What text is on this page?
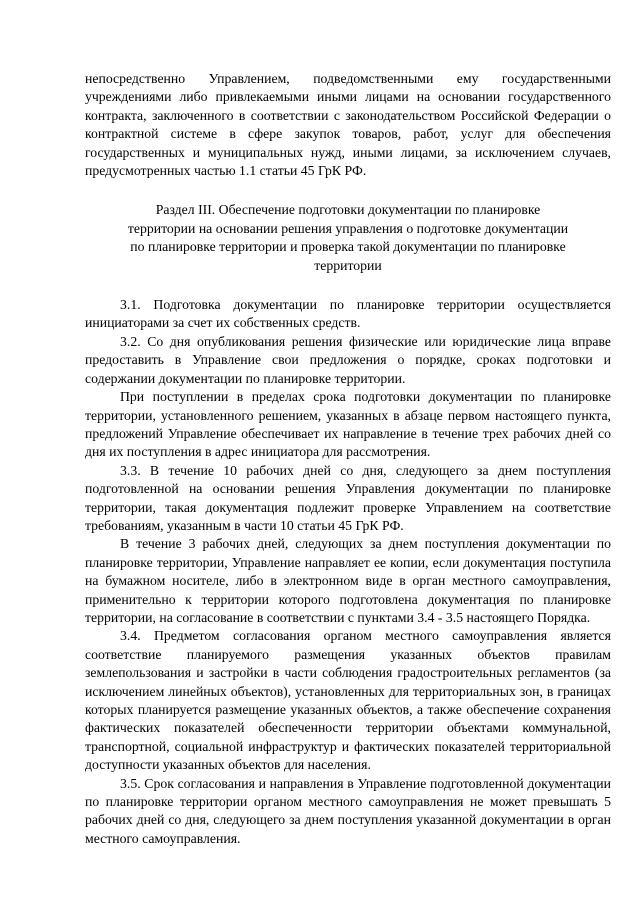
непосредственно Управлением, подведомственными ему государственными учреждениями либо привлекаемыми иными лицами на основании государственного контракта, заключенного в соответствии с законодательством Российской Федерации о контрактной системе в сфере закупок товаров, работ, услуг для обеспечения государственных и муниципальных нужд, иными лицами, за исключением случаев, предусмотренных частью 1.1 статьи 45 ГрК РФ.

Раздел III. Обеспечение подготовки документации по планировке
территории на основании решения управления о подготовке документации
по планировке территории и проверка такой документации по планировке
территории

3.1. Подготовка документации по планировке территории осуществляется инициаторами за счет их собственных средств.

3.2. Со дня опубликования решения физические или юридические лица вправе предоставить в Управление свои предложения о порядке, сроках подготовки и содержании документации по планировке территории.

При поступлении в пределах срока подготовки документации по планировке территории, установленного решением, указанных в абзаце первом настоящего пункта, предложений Управление обеспечивает их направление в течение трех рабочих дней со дня их поступления в адрес инициатора для рассмотрения.

3.3. В течение 10 рабочих дней со дня, следующего за днем поступления подготовленной на основании решения Управления документации по планировке территории, такая документация подлежит проверке Управлением на соответствие требованиям, указанным в части 10 статьи 45 ГрК РФ.

В течение 3 рабочих дней, следующих за днем поступления документации по планировке территории, Управление направляет ее копии, если документация поступила на бумажном носителе, либо в электронном виде в орган местного самоуправления, применительно к территории которого подготовлена документация по планировке территории, на согласование в соответствии с пунктами 3.4 - 3.5 настоящего Порядка.

3.4. Предметом согласования органом местного самоуправления является соответствие планируемого размещения указанных объектов правилам землепользования и застройки в части соблюдения градостроительных регламентов (за исключением линейных объектов), установленных для территориальных зон, в границах которых планируется размещение указанных объектов, а также обеспечение сохранения фактических показателей обеспеченности территории объектами коммунальной, транспортной, социальной инфраструктур и фактических показателей территориальной доступности указанных объектов для населения.

3.5. Срок согласования и направления в Управление подготовленной документации по планировке территории органом местного самоуправления не может превышать 5 рабочих дней со дня, следующего за днем поступления указанной документации в орган местного самоуправления.
